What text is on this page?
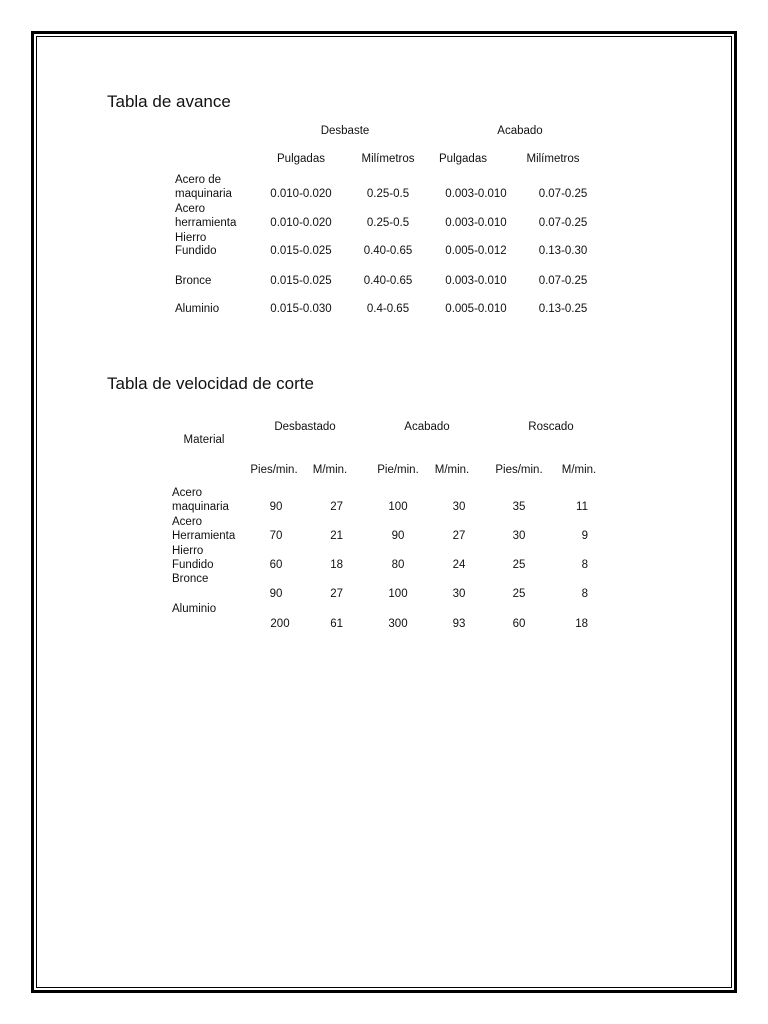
Tabla de avance
Desbaste	Acabado
Pulgadas	Milímetros Pulgadas	Milímetros
Acero de
maquinaria	0.010-0.020	0.25-0.5	0.003-0.010	0.07-0.25
Acero
herramienta	0.010-0.020	0.25-0.5	0.003-0.010	0.07-0.25
Hierro
Fundido	0.015-0.025	0.40-0.65	0.005-0.012	0.13-0.30
Bronce	0.015-0.025	0.40-0.65	0.003-0.010	0.07-0.25
Aluminio	0.015-0.030	0.4-0.65	0.005-0.010	0.13-0.25
Tabla de velocidad de corte
Desbastado	Acabado	Roscado
Material
Pies/min. M/min.	Pie/min. M/min. Pies/min. M/min.
Acero
maquinaria	90	27	100	30	35	11
Acero
Herramienta	70	21	90	27	30	9
Hierro
Fundido	60	18	80	24	25	8
Bronce
90	27	100	30	25	8
Aluminio
200	61	300	93	60	18
